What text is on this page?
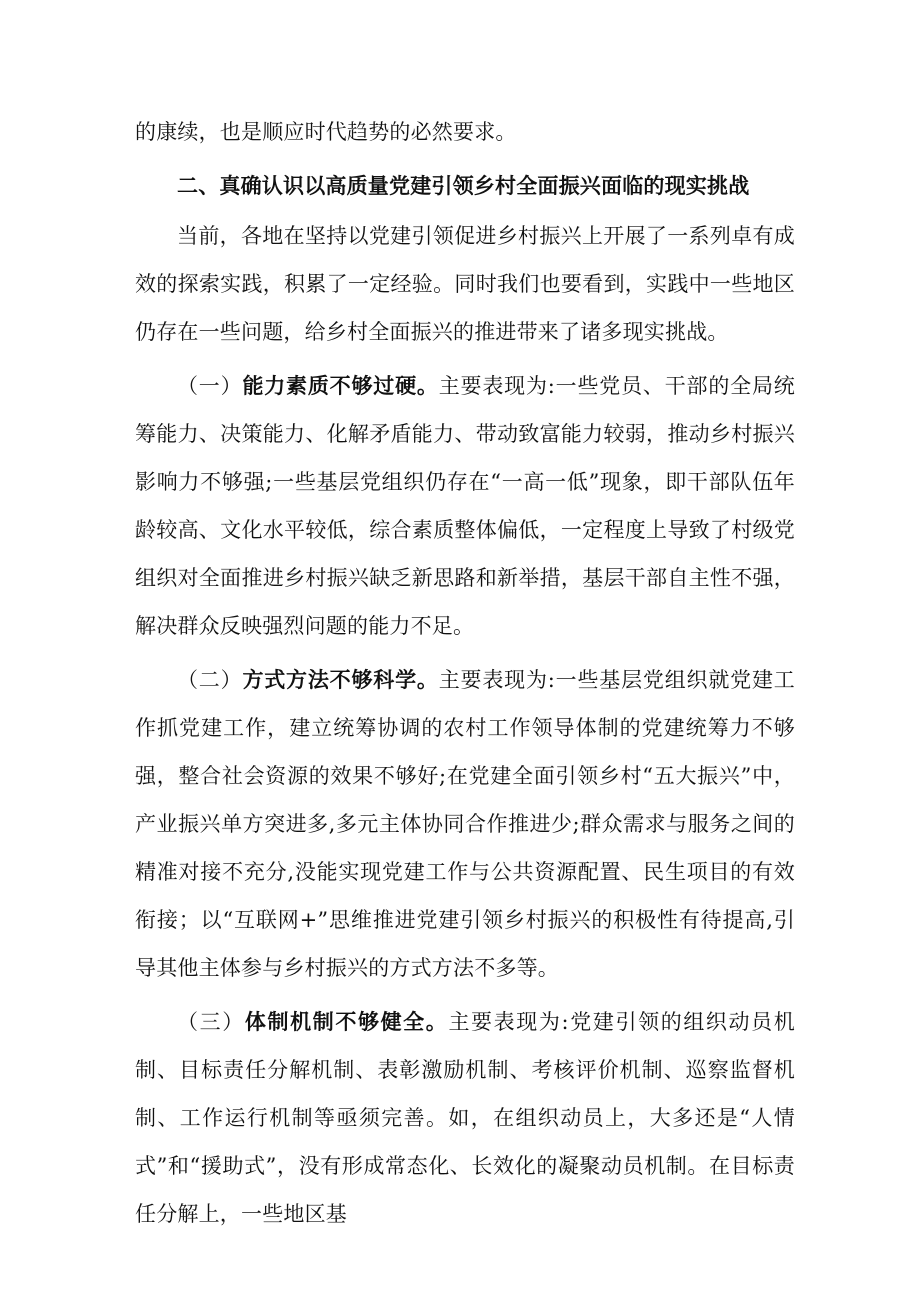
的康续，也是顺应时代趋势的必然要求。

二、真确认识以高质量党建引领乡村全面振兴面临的现实挑战

当前，各地在坚持以党建引领促进乡村振兴上开展了一系列卓有成效的探索实践，积累了一定经验。同时我们也要看到，实践中一些地区仍存在一些问题，给乡村全面振兴的推进带来了诸多现实挑战。

（一）能力素质不够过硬。主要表现为:一些党员、干部的全局统筹能力、决策能力、化解矛盾能力、带动致富能力较弱，推动乡村振兴影响力不够强;一些基层党组织仍存在“一高一低”现象，即干部队伍年龄较高、文化水平较低，综合素质整体偏低，一定程度上导致了村级党组织对全面推进乡村振兴缺乏新思路和新举措，基层干部自主性不强，解决群众反映强烈问题的能力不足。

（二）方式方法不够科学。主要表现为:一些基层党组织就党建工作抓党建工作，建立统筹协调的农村工作领导体制的党建统筹力不够强，整合社会资源的效果不够好;在党建全面引领乡村“五大振兴”中，产业振兴单方突进多,多元主体协同合作推进少;群众需求与服务之间的精准对接不充分,没能实现党建工作与公共资源配置、民生项目的有效衔接；以“互联网+”思维推进党建引领乡村振兴的积极性有待提高,引导其他主体参与乡村振兴的方式方法不多等。

（三）体制机制不够健全。主要表现为:党建引领的组织动员机制、目标责任分解机制、表彰激励机制、考核评价机制、巡察监督机制、工作运行机制等亟须完善。如，在组织动员上，大多还是“人情式”和“援助式”，没有形成常态化、长效化的凝聚动员机制。在目标责任分解上，一些地区基
